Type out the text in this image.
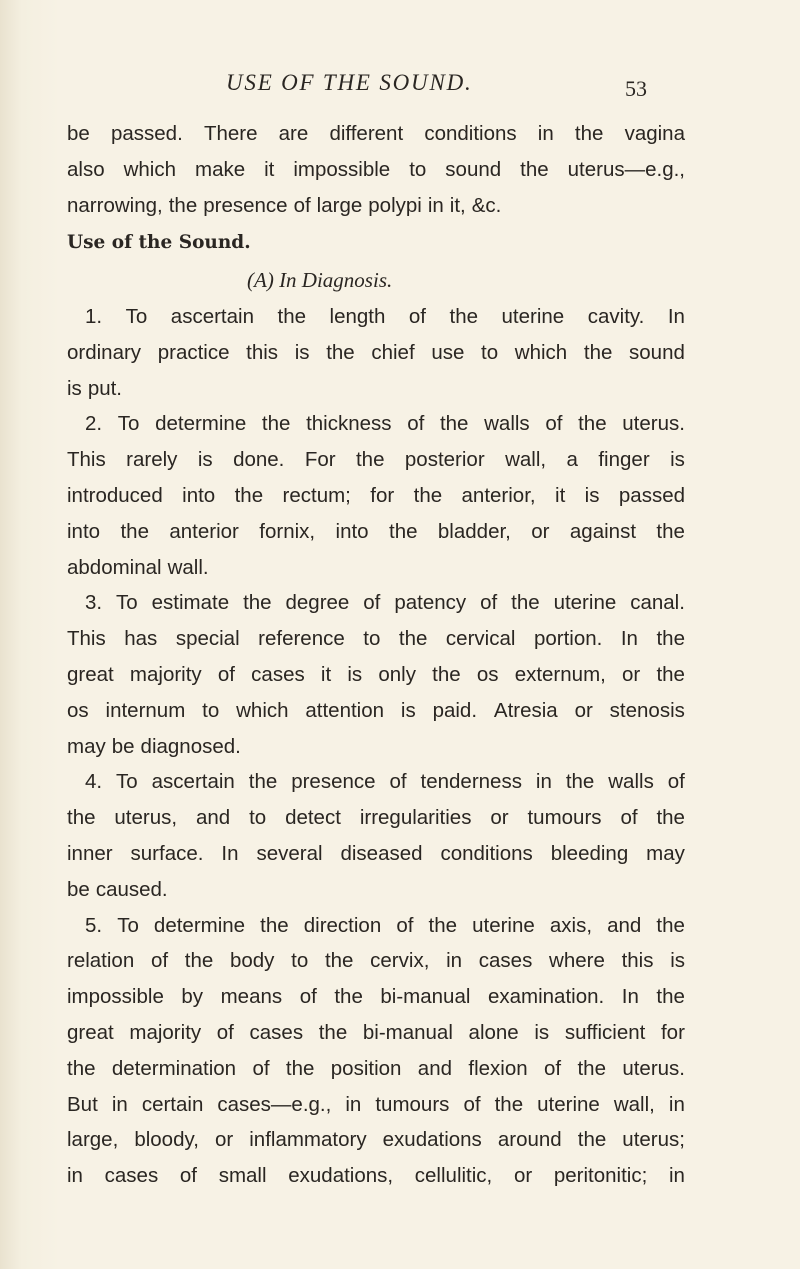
USE OF THE SOUND.	53
be passed. There are different conditions in the vagina
also which make it impossible to sound the uterus—e.g.,
narrowing, the presence of large polypi in it, &c.
Use of the Sound.
(A) In Diagnosis.
1. To ascertain the length of the uterine cavity. In
ordinary practice this is the chief use to which the sound
is put.
2. To determine the thickness of the walls of the uterus.
This rarely is done. For the posterior wall, a finger is
introduced into the rectum; for the anterior, it is passed
into the anterior fornix, into the bladder, or against the
abdominal wall.
3. To estimate the degree of patency of the uterine canal.
This has special reference to the cervical portion. In the
great majority of cases it is only the os externum, or the
os internum to which attention is paid. Atresia or stenosis
may be diagnosed.
4. To ascertain the presence of tenderness in the walls of
the uterus, and to detect irregularities or tumours of the
inner surface. In several diseased conditions bleeding may
be caused.
5. To determine the direction of the uterine axis, and the
relation of the body to the cervix, in cases where this is
impossible by means of the bi-manual examination. In the
great majority of cases the bi-manual alone is sufficient for
the determination of the position and flexion of the uterus.
But in certain cases—e.g., in tumours of the uterine wall, in
large, bloody, or inflammatory exudations around the uterus;
in cases of small exudations, cellulitic, or peritonitic; in
